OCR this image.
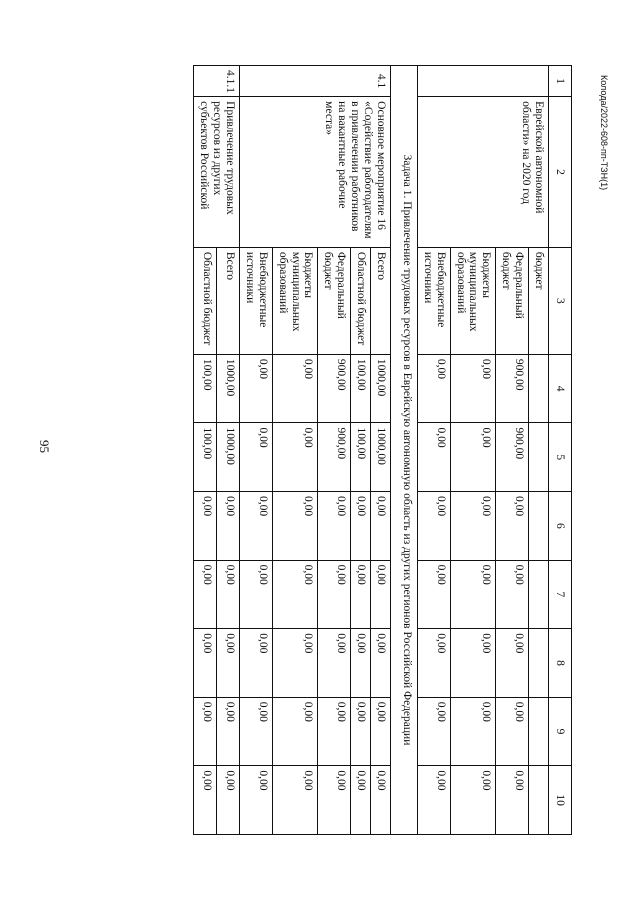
95
Колода/2022-608-пп-ТЗН(1)
1	2	3	4	5	6	7	8	9	10
	Еврейской автономной области» на 2020 год	бюджет							
		Федеральный бюджет	900,00	900,00	0,00	0,00	0,00	0,00	0,00
		Бюджеты муниципальных образований	0,00	0,00	0,00	0,00	0,00	0,00	0,00
		Внебюджетные источники	0,00	0,00	0,00	0,00	0,00	0,00	0,00
Задача 1. Привлечение трудовых ресурсов в Еврейскую автономную область из других регионов Российской Федерации									
4.1	Основное мероприятие 16 «Содействие работодателям в привлечении работников на вакантные рабочие места»	Всего	1000,00	1000,00	0,00	0,00	0,00	0,00	0,00
		Областной бюджет	100,00	100,00	0,00	0,00	0,00	0,00	0,00
		Федеральный бюджет	900,00	900,00	0,00	0,00	0,00	0,00	0,00
		Бюджеты муниципальных образований	0,00	0,00	0,00	0,00	0,00	0,00	0,00
		Внебюджетные источники	0,00	0,00	0,00	0,00	0,00	0,00	0,00
4.1.1	Привлечение трудовых ресурсов из других субъектов Российской	Всего	1000,00	1000,00	0,00	0,00	0,00	0,00	0,00
		Областной бюджет	100,00	100,00	0,00	0,00	0,00	0,00	0,00
